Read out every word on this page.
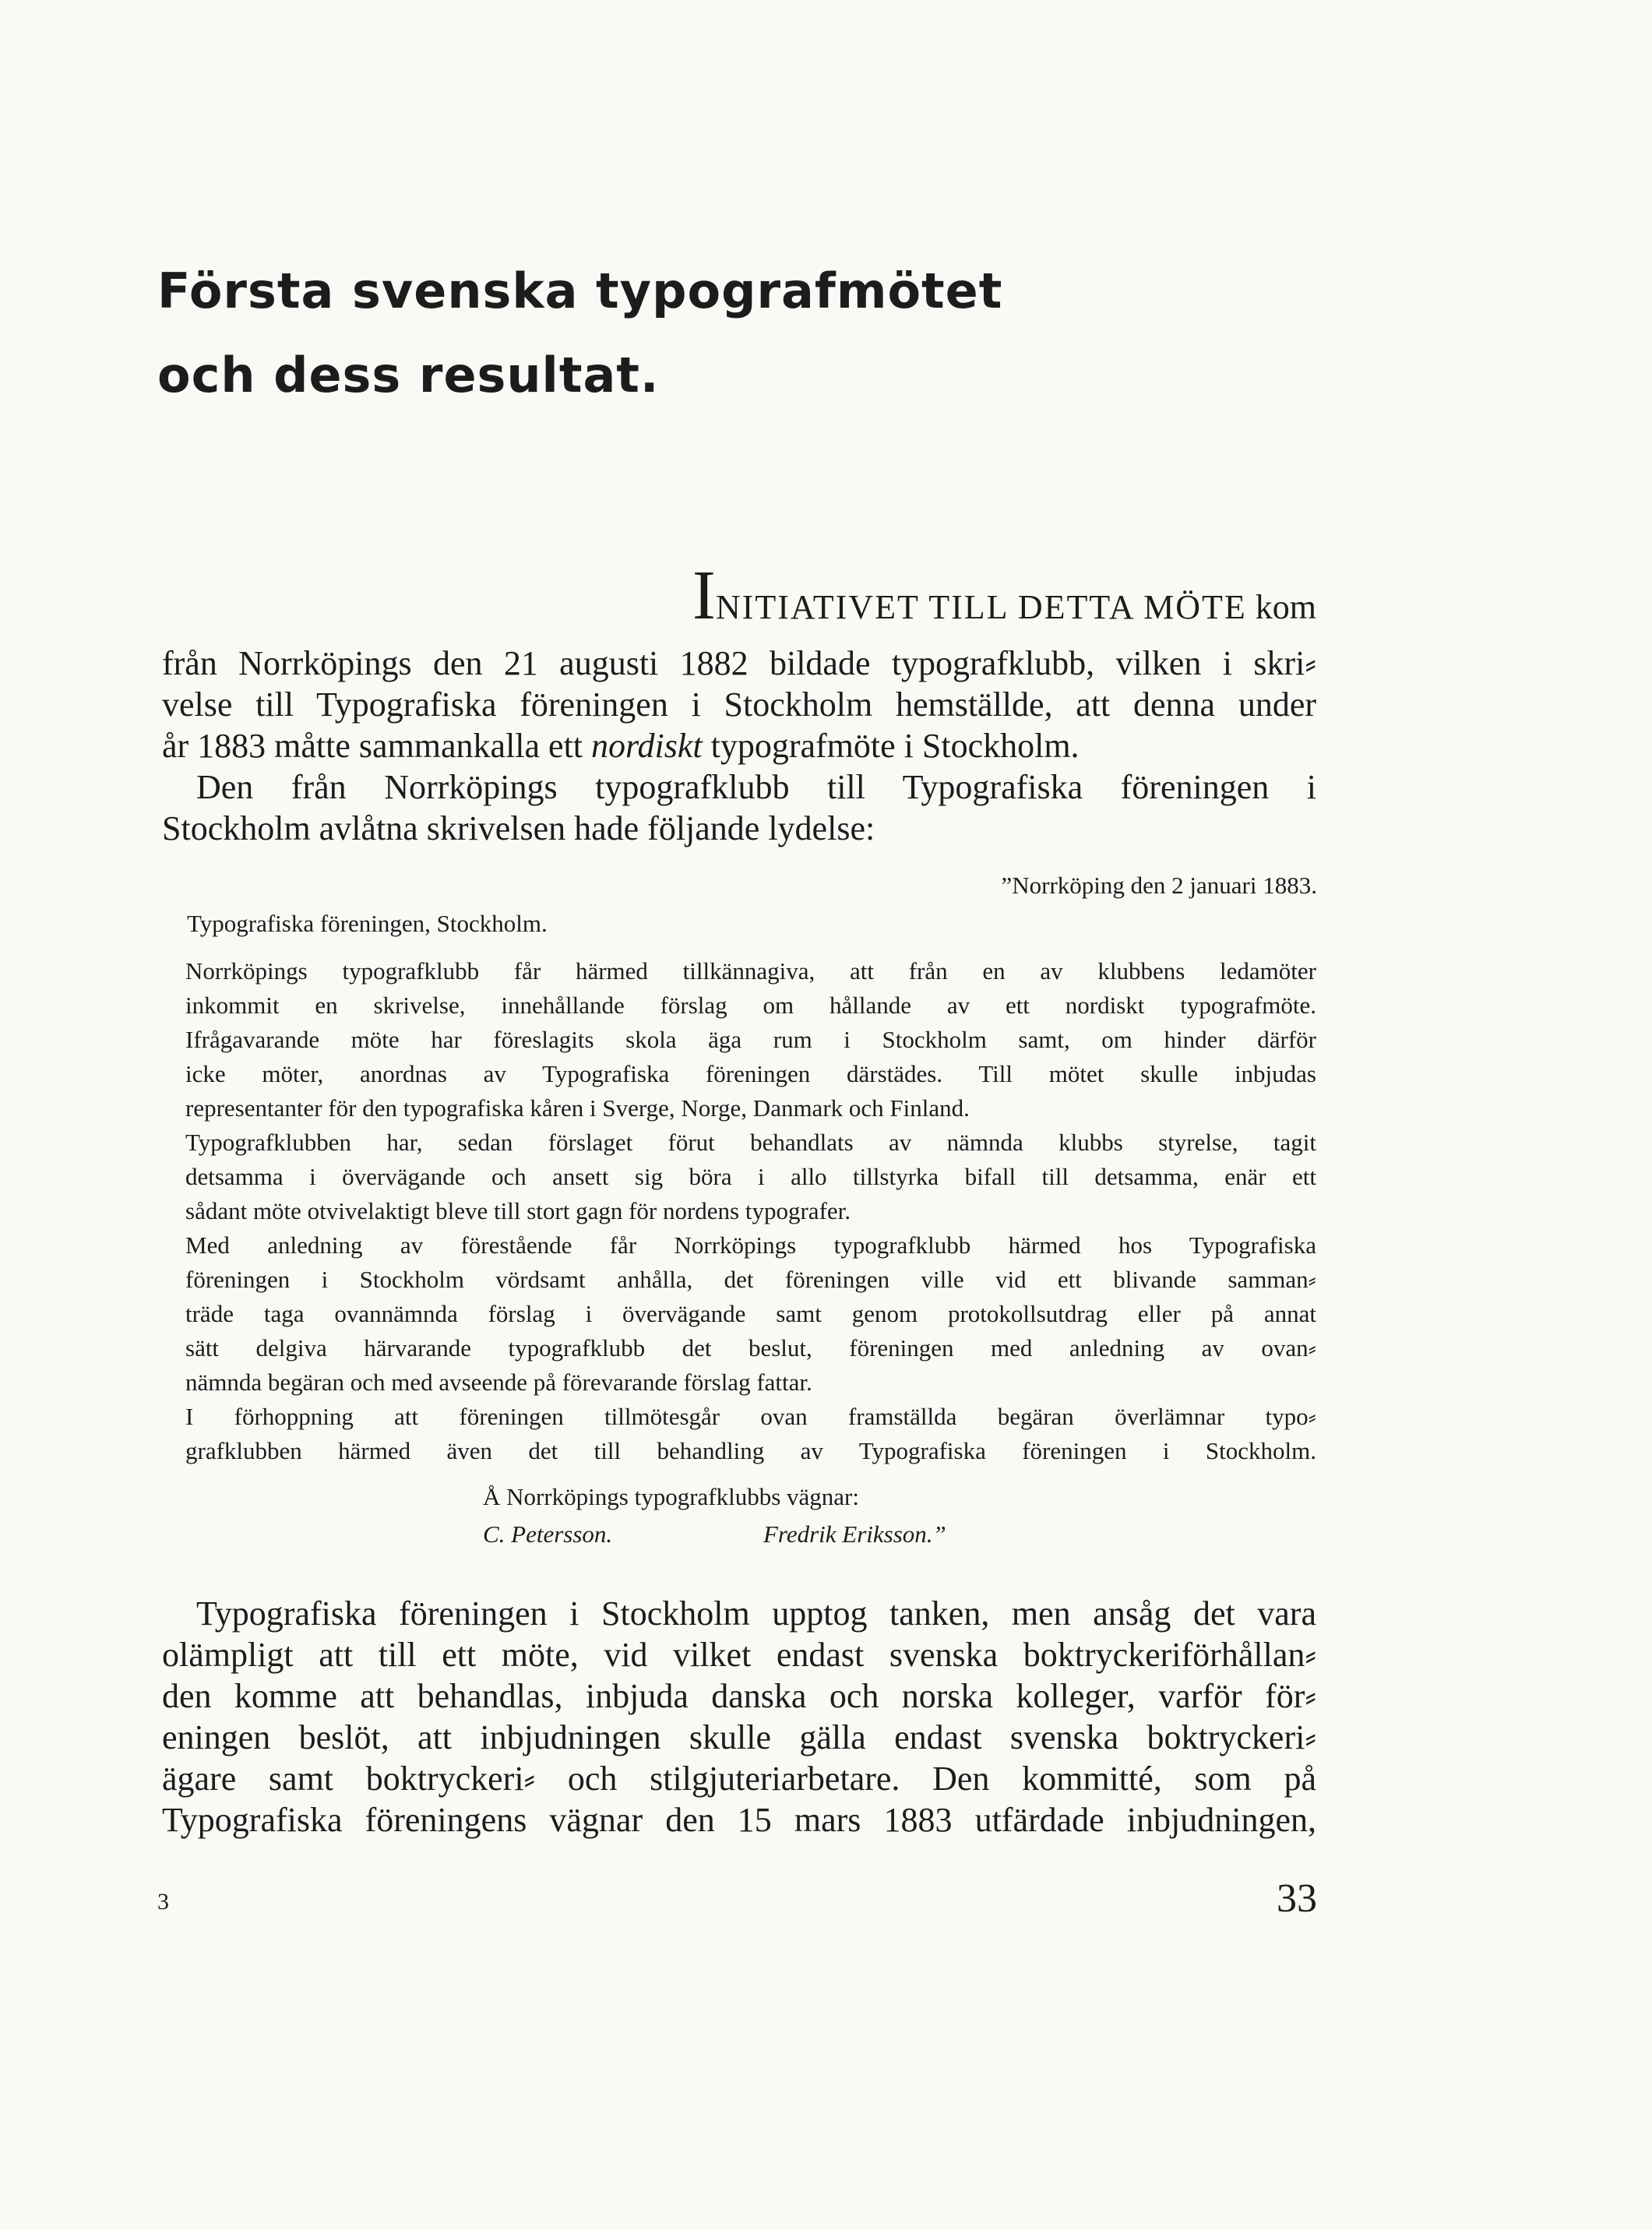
Första svenska typografmötet
och dess resultat.
INITIATIVET TILL DETTA MÖTE kom
från Norrköpings den 21 augusti 1882 bildade typografklubb, vilken i skri⸗
velse till Typografiska föreningen i Stockholm hemställde, att denna under
år 1883 måtte sammankalla ett nordiskt typografmöte i Stockholm.
Den från Norrköpings typografklubb till Typografiska föreningen i
Stockholm avlåtna skrivelsen hade följande lydelse:
”Norrköping den 2 januari 1883.
Typografiska föreningen, Stockholm.
Norrköpings typografklubb får härmed tillkännagiva, att från en av klubbens ledamöter
inkommit en skrivelse, innehållande förslag om hållande av ett nordiskt typografmöte.
Ifrågavarande möte har föreslagits skola äga rum i Stockholm samt, om hinder därför
icke möter, anordnas av Typografiska föreningen därstädes. Till mötet skulle inbjudas
representanter för den typografiska kåren i Sverge, Norge, Danmark och Finland.
Typografklubben har, sedan förslaget förut behandlats av nämnda klubbs styrelse, tagit
detsamma i övervägande och ansett sig böra i allo tillstyrka bifall till detsamma, enär ett
sådant möte otvivelaktigt bleve till stort gagn för nordens typografer.
Med anledning av förestående får Norrköpings typografklubb härmed hos Typografiska
föreningen i Stockholm vördsamt anhålla, det föreningen ville vid ett blivande samman⸗
träde taga ovannämnda förslag i övervägande samt genom protokollsutdrag eller på annat
sätt delgiva härvarande typografklubb det beslut, föreningen med anledning av ovan⸗
nämnda begäran och med avseende på förevarande förslag fattar.
I förhoppning att föreningen tillmötesgår ovan framställda begäran överlämnar typo⸗
grafklubben härmed även det till behandling av Typografiska föreningen i Stockholm.
Å Norrköpings typografklubbs vägnar:
C. Petersson.	Fredrik Eriksson.”
Typografiska föreningen i Stockholm upptog tanken, men ansåg det vara
olämpligt att till ett möte, vid vilket endast svenska boktryckeriförhållan⸗
den komme att behandlas, inbjuda danska och norska kolleger, varför för⸗
eningen beslöt, att inbjudningen skulle gälla endast svenska boktryckeri⸗
ägare samt boktryckeri⸗ och stilgjuteriarbetare. Den kommitté, som på
Typografiska föreningens vägnar den 15 mars 1883 utfärdade inbjudningen,
3	33
